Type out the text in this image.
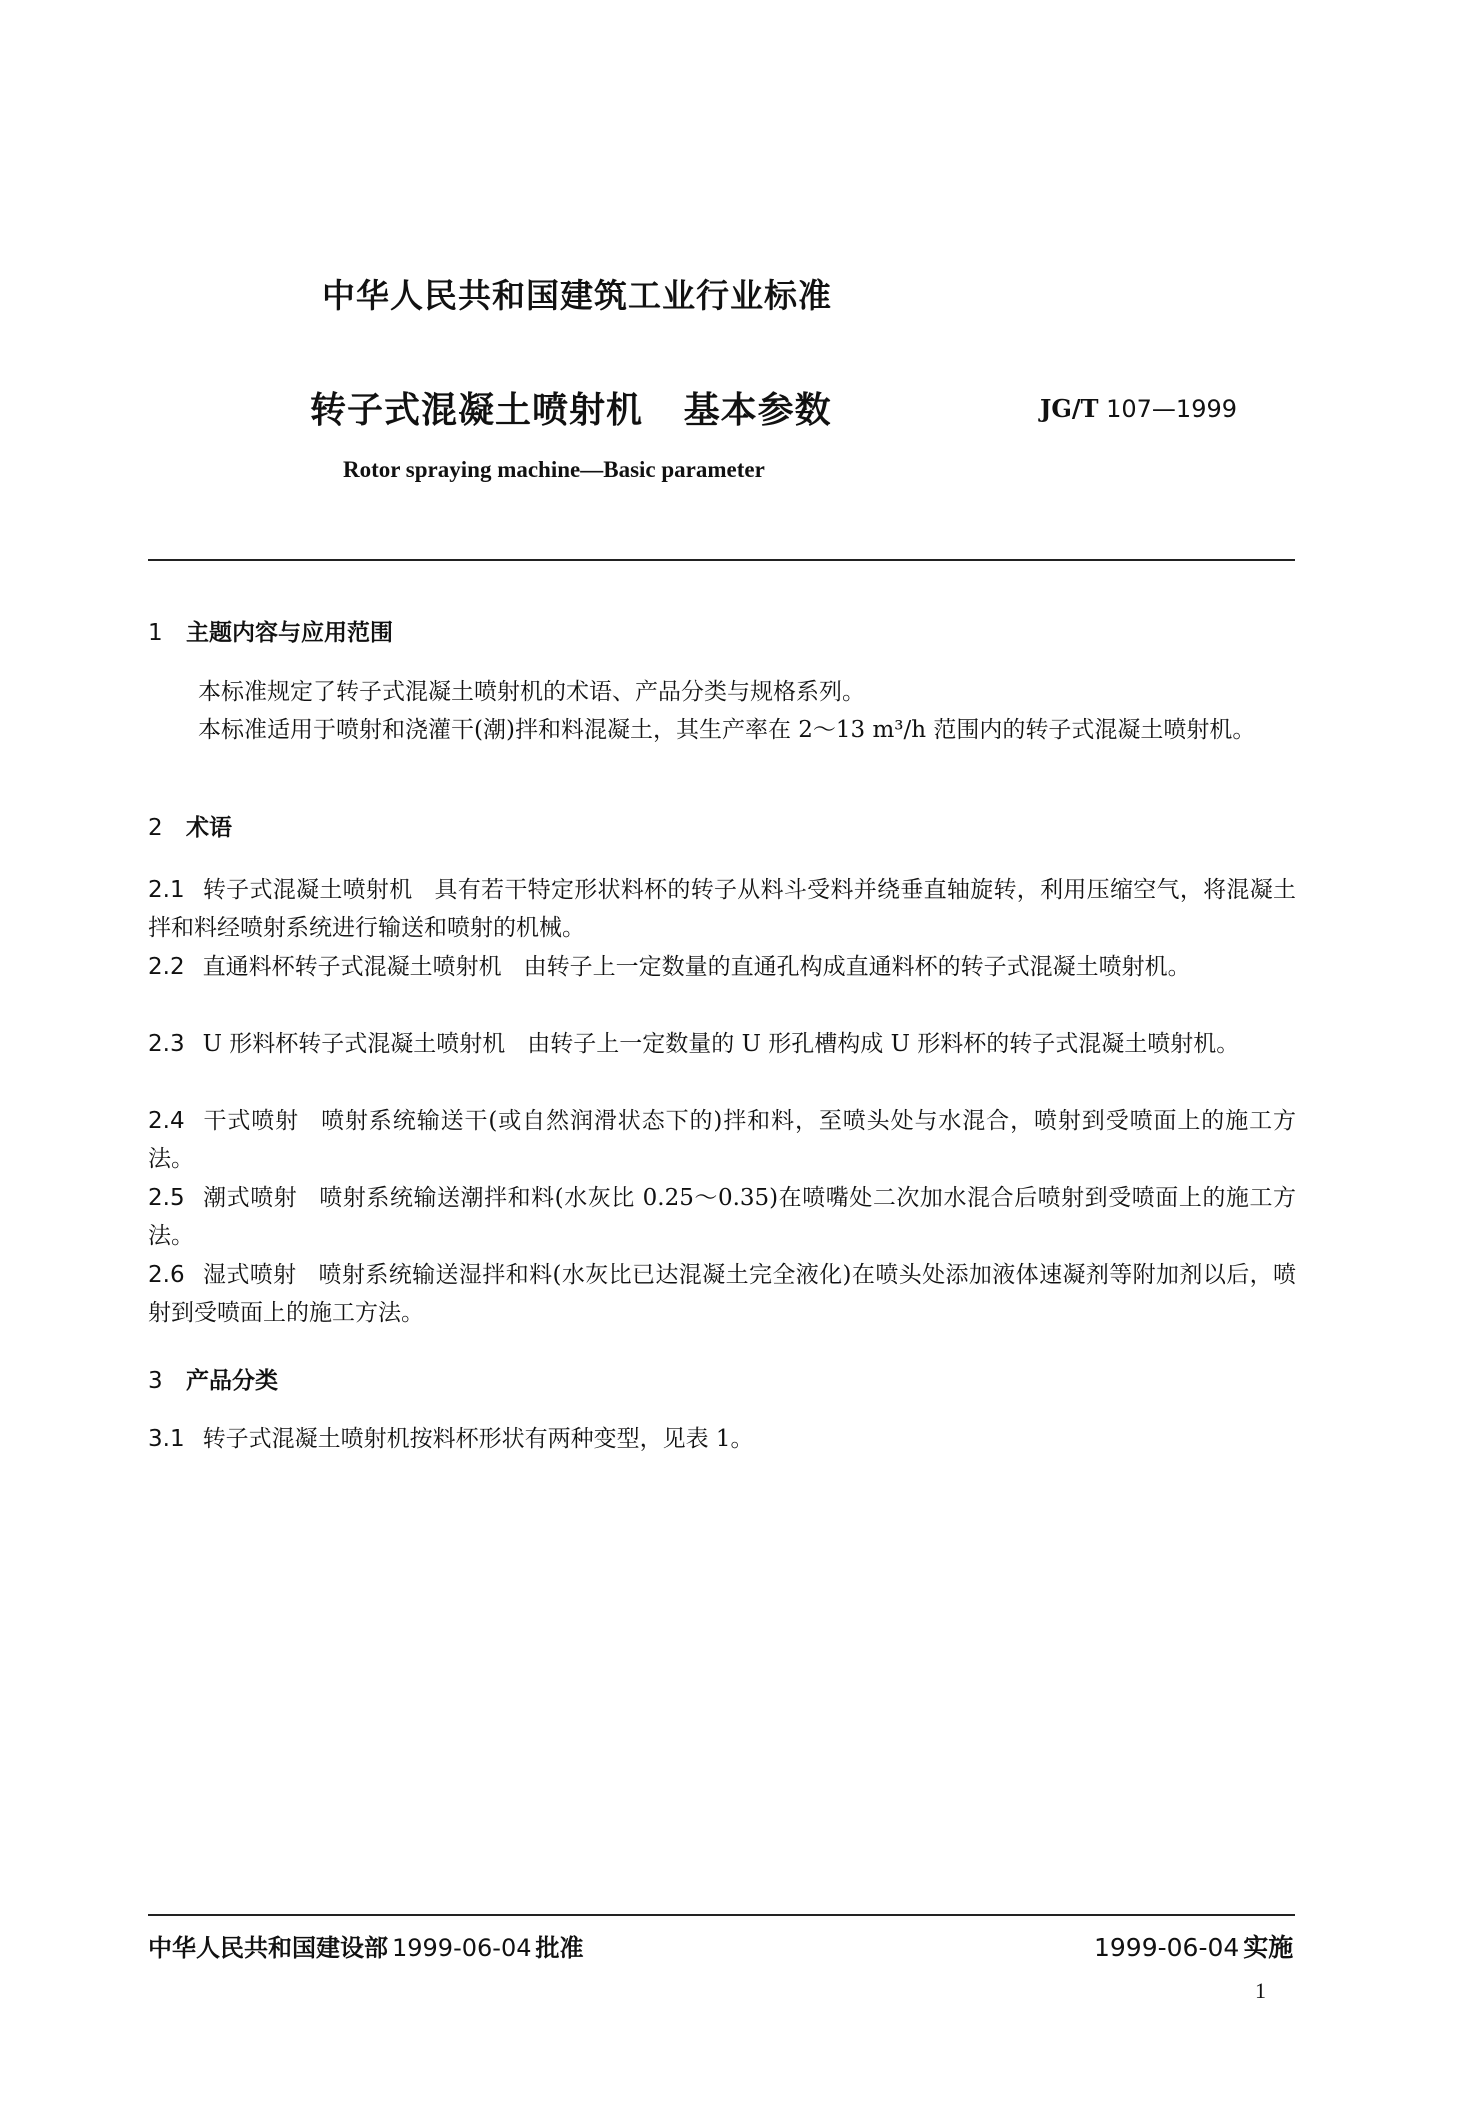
中华人民共和国建筑工业行业标准
转子式混凝土喷射机   基本参数	JG/T 107—1999
Rotor spraying machine—Basic parameter
1 主题内容与应用范围
本标准规定了转子式混凝土喷射机的术语、产品分类与规格系列。
本标准适用于喷射和浇灌干(潮)拌和料混凝土，其生产率在 2～13 m³/h 范围内的转子式混凝土喷射机。
2 术语
2.1 转子式混凝土喷射机 具有若干特定形状料杯的转子从料斗受料并绕垂直轴旋转，利用压缩空气，将混凝土拌和料经喷射系统进行输送和喷射的机械。
2.2 直通料杯转子式混凝土喷射机 由转子上一定数量的直通孔构成直通料杯的转子式混凝土喷射机。
2.3 U 形料杯转子式混凝土喷射机 由转子上一定数量的 U 形孔槽构成 U 形料杯的转子式混凝土喷射机。
2.4 干式喷射 喷射系统输送干(或自然润滑状态下的)拌和料，至喷头处与水混合，喷射到受喷面上的施工方法。
2.5 潮式喷射 喷射系统输送潮拌和料(水灰比 0.25～0.35)在喷嘴处二次加水混合后喷射到受喷面上的施工方法。
2.6 湿式喷射 喷射系统输送湿拌和料(水灰比已达混凝土完全液化)在喷头处添加液体速凝剂等附加剂以后，喷射到受喷面上的施工方法。
3 产品分类
3.1 转子式混凝土喷射机按料杯形状有两种变型，见表 1。
中华人民共和国建设部 1999-06-04 批准	1999-06-04 实施
1
